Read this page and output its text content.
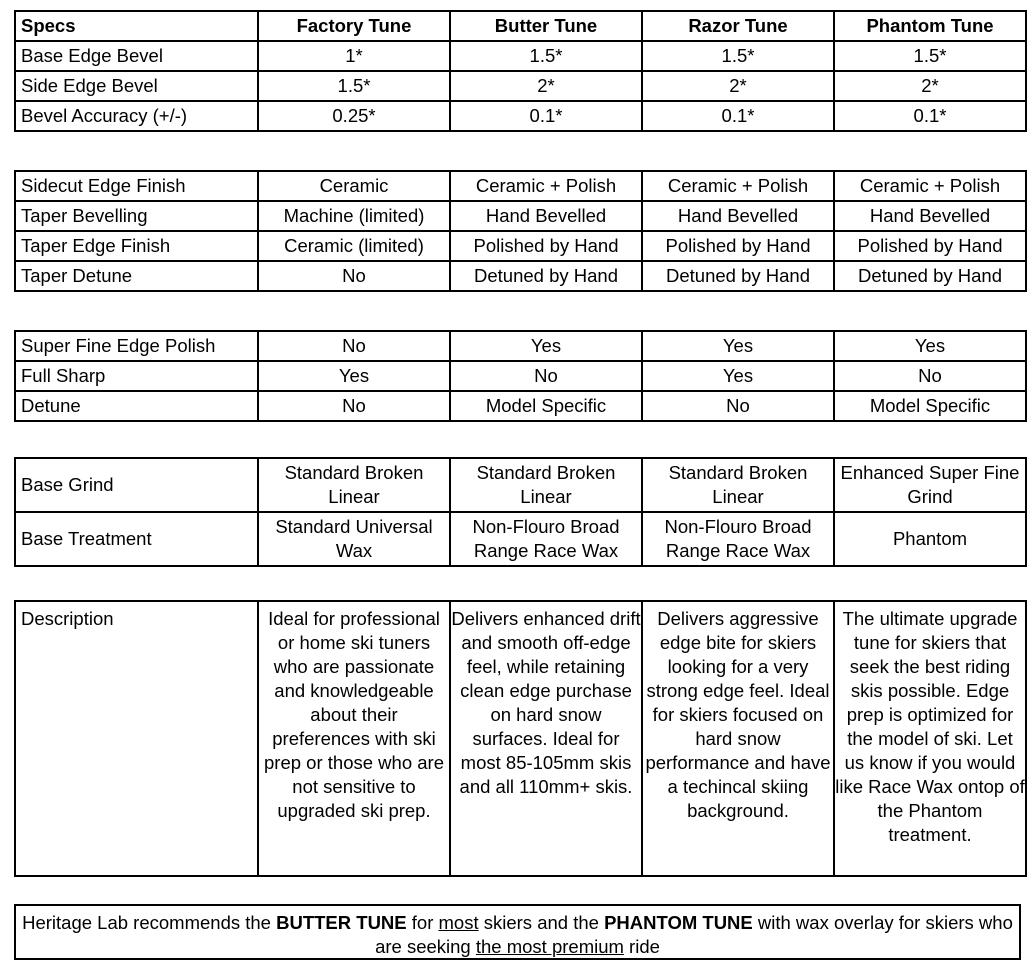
Specs	Factory Tune	Butter Tune	Razor Tune	Phantom Tune
Base Edge Bevel	1*	1.5*	1.5*	1.5*
Side Edge Bevel	1.5*	2*	2*	2*
Bevel Accuracy (+/-)	0.25*	0.1*	0.1*	0.1*
Sidecut Edge Finish	Ceramic	Ceramic + Polish	Ceramic + Polish	Ceramic + Polish
Taper Bevelling	Machine (limited)	Hand Bevelled	Hand Bevelled	Hand Bevelled
Taper Edge Finish	Ceramic (limited)	Polished by Hand	Polished by Hand	Polished by Hand
Taper Detune	No	Detuned by Hand	Detuned by Hand	Detuned by Hand
Super Fine Edge Polish	No	Yes	Yes	Yes
Full Sharp	Yes	No	Yes	No
Detune	No	Model Specific	No	Model Specific
Base Grind	Standard Broken Linear	Standard Broken Linear	Standard Broken Linear	Enhanced Super Fine Grind
Base Treatment	Standard Universal Wax	Non-Flouro Broad Range Race Wax	Non-Flouro Broad Range Race Wax	Phantom
Description	Ideal for professional or home ski tuners who are passionate and knowledgeable about their preferences with ski prep or those who are not sensitive to upgraded ski prep.	Delivers enhanced drift and smooth off-edge feel, while retaining clean edge purchase on hard snow surfaces. Ideal for most 85-105mm skis and all 110mm+ skis.	Delivers aggressive edge bite for skiers looking for a very strong edge feel. Ideal for skiers focused on hard snow performance and have a techincal skiing background.	The ultimate upgrade tune for skiers that seek the best riding skis possible. Edge prep is optimized for the model of ski. Let us know if you would like Race Wax ontop of the Phantom treatment.
Heritage Lab recommends the BUTTER TUNE for most skiers and the PHANTOM TUNE with wax overlay for skiers who are seeking the most premium ride
